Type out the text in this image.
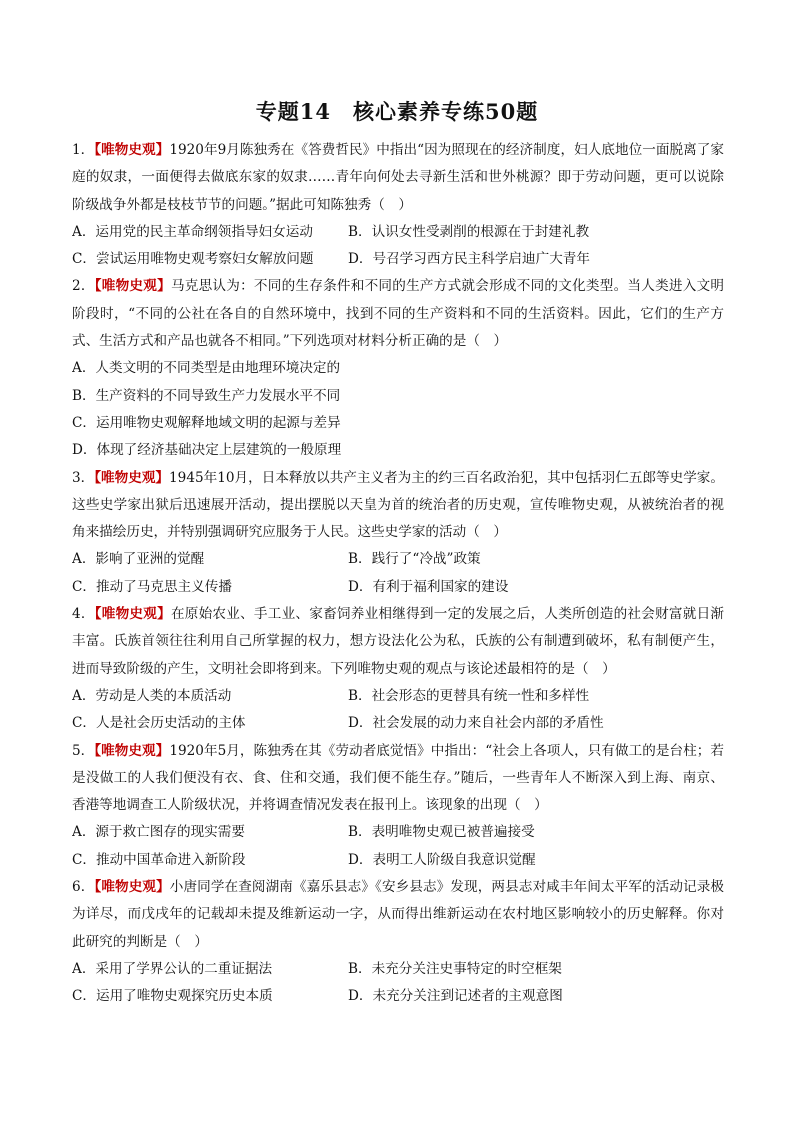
专题14　核心素养专练50题
1．【唯物史观】1920年9月陈独秀在《答费哲民》中指出“因为照现在的经济制度，妇人底地位一面脱离了家庭的奴隶，一面便得去做底东家的奴隶……青年向何处去寻新生活和世外桃源？即于劳动问题，更可以说除阶级战争外都是枝枝节节的问题。”据此可知陈独秀（　）
A．运用党的民主革命纲领指导妇女运动	B．认识女性受剥削的根源在于封建礼教
C．尝试运用唯物史观考察妇女解放问题	D．号召学习西方民主科学启迪广大青年
2．【唯物史观】马克思认为：不同的生存条件和不同的生产方式就会形成不同的文化类型。当人类进入文明阶段时，“不同的公社在各自的自然环境中，找到不同的生产资料和不同的生活资料。因此，它们的生产方式、生活方式和产品也就各不相同。”下列选项对材料分析正确的是（　）
A．人类文明的不同类型是由地理环境决定的
B．生产资料的不同导致生产力发展水平不同
C．运用唯物史观解释地域文明的起源与差异
D．体现了经济基础决定上层建筑的一般原理
3．【唯物史观】1945年10月，日本释放以共产主义者为主的约三百名政治犯，其中包括羽仁五郎等史学家。这些史学家出狱后迅速展开活动，提出摆脱以天皇为首的统治者的历史观，宣传唯物史观，从被统治者的视角来描绘历史，并特别强调研究应服务于人民。这些史学家的活动（　）
A．影响了亚洲的觉醒	B．践行了“冷战”政策
C．推动了马克思主义传播	D．有利于福利国家的建设
4．【唯物史观】在原始农业、手工业、家畜饲养业相继得到一定的发展之后，人类所创造的社会财富就日渐丰富。氏族首领往往利用自己所掌握的权力，想方设法化公为私，氏族的公有制遭到破坏，私有制便产生，进而导致阶级的产生，文明社会即将到来。下列唯物史观的观点与该论述最相符的是（　）
A．劳动是人类的本质活动	B．社会形态的更替具有统一性和多样性
C．人是社会历史活动的主体	D．社会发展的动力来自社会内部的矛盾性
5．【唯物史观】1920年5月，陈独秀在其《劳动者底觉悟》中指出：“社会上各项人，只有做工的是台柱；若是没做工的人我们便没有衣、食、住和交通，我们便不能生存。”随后，一些青年人不断深入到上海、南京、香港等地调查工人阶级状况，并将调查情况发表在报刊上。该现象的出现（　）
A．源于救亡图存的现实需要	B．表明唯物史观已被普遍接受
C．推动中国革命进入新阶段	D．表明工人阶级自我意识觉醒
6．【唯物史观】小唐同学在查阅湖南《嘉乐县志》《安乡县志》发现，两县志对咸丰年间太平军的活动记录极为详尽，而戊戌年的记载却未提及维新运动一字，从而得出维新运动在农村地区影响较小的历史解释。你对此研究的判断是（　）
A．采用了学界公认的二重证据法	B．未充分关注史事特定的时空框架
C．运用了唯物史观探究历史本质	D．未充分关注到记述者的主观意图
